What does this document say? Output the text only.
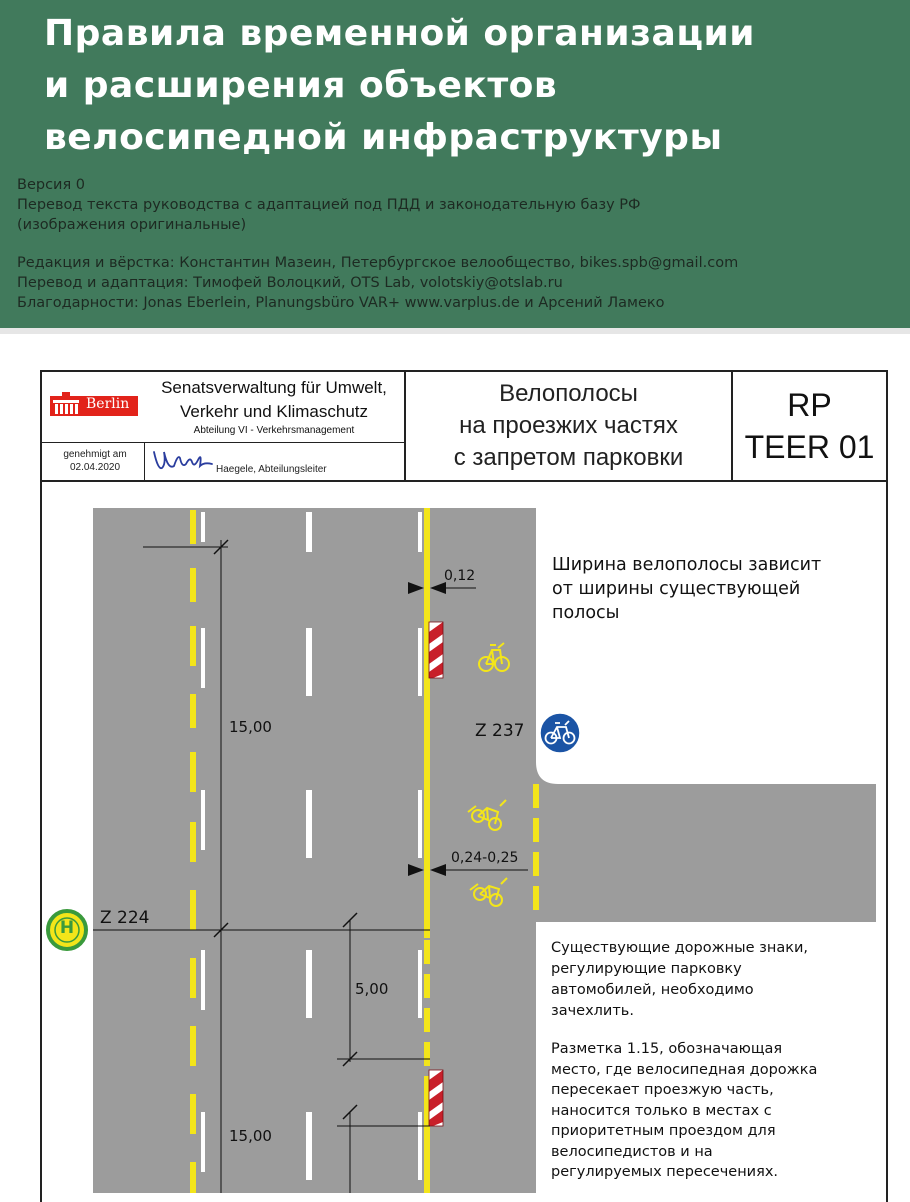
Правила временной организации
и расширения объектов
велосипедной инфраструктуры
Версия 0
Перевод текста руководства с адаптацией под ПДД и законодательную базу РФ
(изображения оригинальные)
Редакция и вёрстка: Константин Мазеин, Петербургское велообщество, bikes.spb@gmail.com
Перевод и адаптация: Тимофей Волоцкий, OTS Lab, volotskiy@otslab.ru
Благодарности: Jonas Eberlein, Planungsbüro VAR+ www.varplus.de и Арсений Ламеко
Berlin
Senatsverwaltung für Umwelt,
Verkehr und Klimaschutz
Abteilung VI - Verkehrsmanagement
genehmigt am
02.04.2020	Haegele, Abteilungsleiter
Велополосы
на проезжих частях
с запретом парковки
RP
TEER 01
H
0,12
0,24-0,25
15,00
5,00
15,00
Z 237
Z 224
Ширина велополосы зависит
от ширины существующей
полосы
Существующие дорожные знаки,
регулирующие парковку
автомобилей, необходимо
зачехлить.
Разметка 1.15, обозначающая
место, где велосипедная дорожка
пересекает проезжую часть,
наносится только в местах с
приоритетным проездом для
велосипедистов и на
регулируемых пересечениях.
